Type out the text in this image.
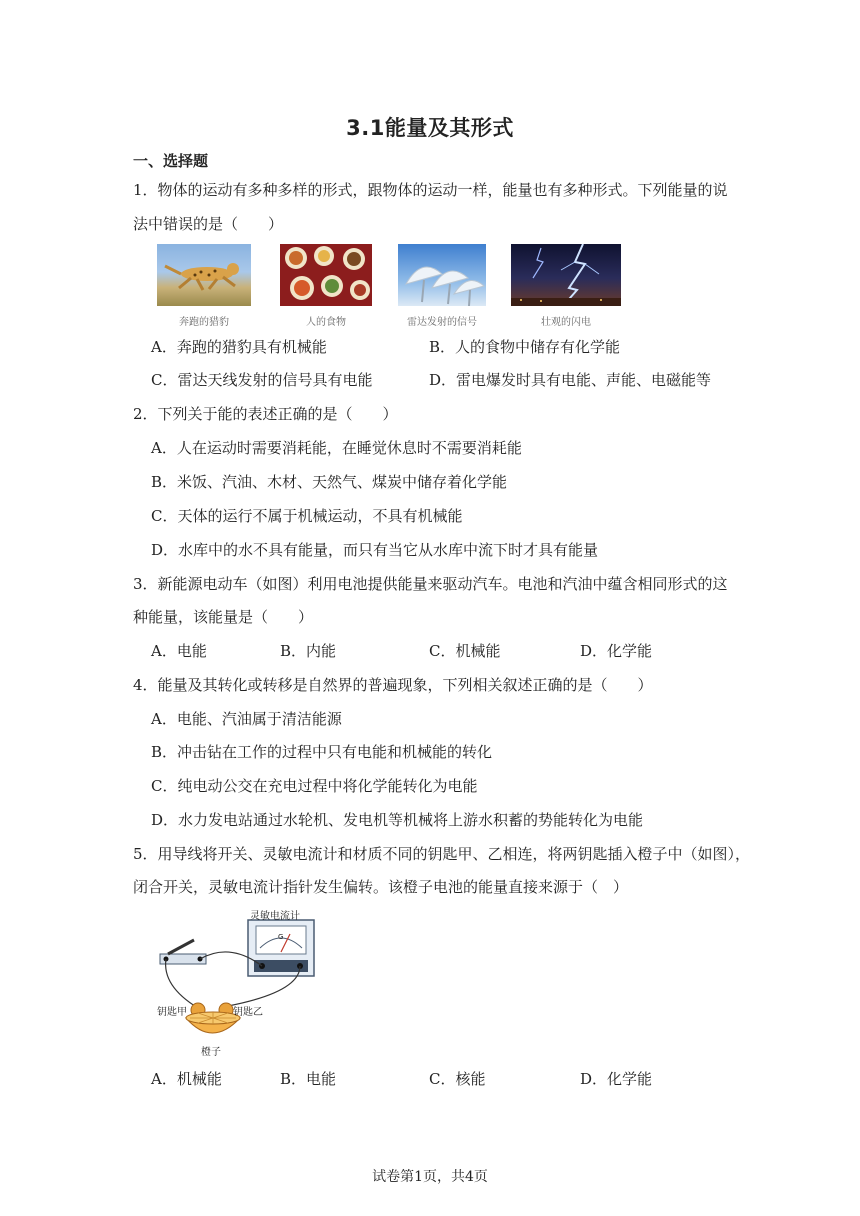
3.1能量及其形式
一、选择题
1．物体的运动有多种多样的形式，跟物体的运动一样，能量也有多种形式。下列能量的说
法中错误的是（　　）
奔跑的猎豹	人的食物	雷达发射的信号	壮观的闪电
A．奔跑的猎豹具有机械能	B．人的食物中储存有化学能
C．雷达天线发射的信号具有电能	D．雷电爆发时具有电能、声能、电磁能等
2．下列关于能的表述正确的是（　　）
A．人在运动时需要消耗能，在睡觉休息时不需要消耗能
B．米饭、汽油、木材、天然气、煤炭中储存着化学能
C．天体的运行不属于机械运动，不具有机械能
D．水库中的水不具有能量，而只有当它从水库中流下时才具有能量
3．新能源电动车（如图）利用电池提供能量来驱动汽车。电池和汽油中蕴含相同形式的这
种能量，该能量是（　　）
A．电能	B．内能	C．机械能	D．化学能
4．能量及其转化或转移是自然界的普遍现象，下列相关叙述正确的是（　　）
A．电能、汽油属于清洁能源
B．冲击钻在工作的过程中只有电能和机械能的转化
C．纯电动公交在充电过程中将化学能转化为电能
D．水力发电站通过水轮机、发电机等机械将上游水积蓄的势能转化为电能
5．用导线将开关、灵敏电流计和材质不同的钥匙甲、乙相连，将两钥匙插入橙子中（如图），
闭合开关，灵敏电流计指针发生偏转。该橙子电池的能量直接来源于（　）
灵敏电流计
G
钥匙甲	钥匙乙
橙子
A．机械能	B．电能	C．核能	D．化学能
试卷第1页，共4页
